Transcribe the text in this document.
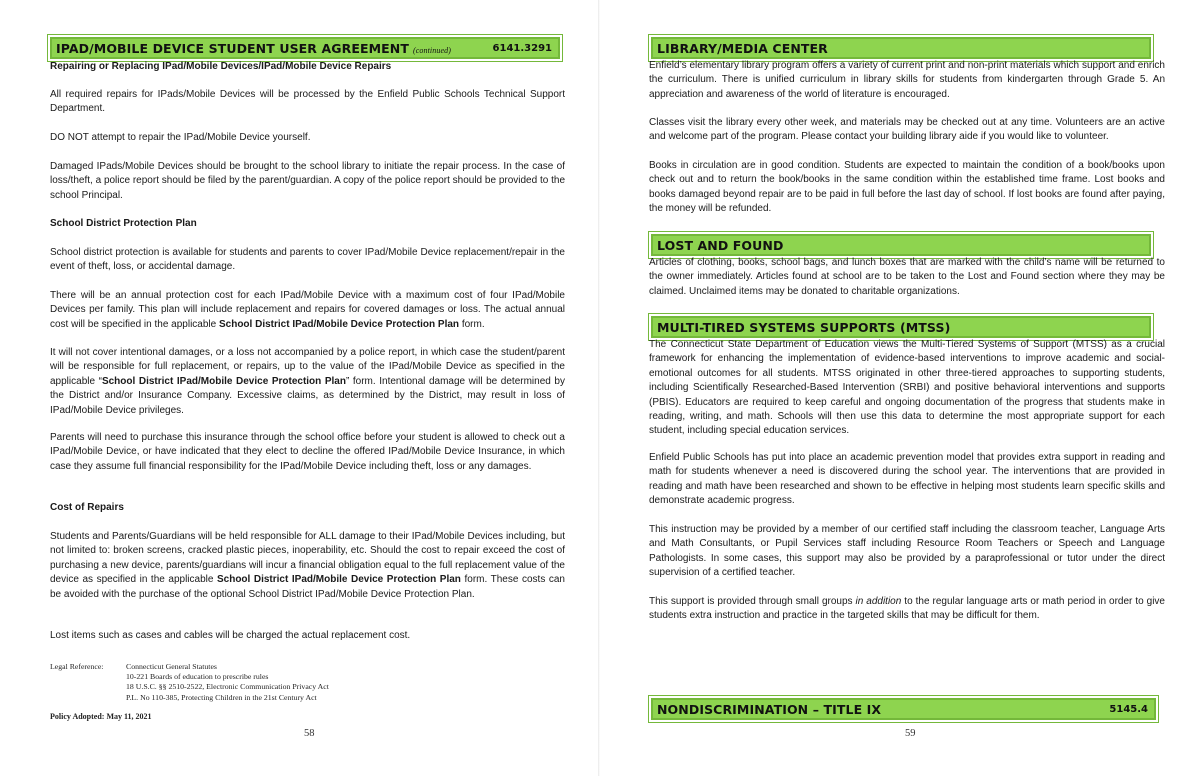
IPAD/MOBILE DEVICE STUDENT USER AGREEMENT (continued)	6141.3291
Repairing or Replacing IPad/Mobile Devices/IPad/Mobile Device Repairs
All required repairs for IPads/Mobile Devices will be processed by the Enfield Public Schools Technical Support Department.
DO NOT attempt to repair the IPad/Mobile Device yourself.
Damaged IPads/Mobile Devices should be brought to the school library to initiate the repair process. In the case of loss/theft, a police report should be filed by the parent/guardian. A copy of the police report should be provided to the school Principal.
School District Protection Plan
School district protection is available for students and parents to cover IPad/Mobile Device replacement/repair in the event of theft, loss, or accidental damage.
There will be an annual protection cost for each IPad/Mobile Device with a maximum cost of four IPad/Mobile Devices per family. This plan will include replacement and repairs for covered damages or loss. The actual annual cost will be specified in the applicable School District IPad/Mobile Device Protection Plan form.
It will not cover intentional damages, or a loss not accompanied by a police report, in which case the student/parent will be responsible for full replacement, or repairs, up to the value of the IPad/Mobile Device as specified in the applicable “School District IPad/Mobile Device Protection Plan” form. Intentional damage will be determined by the District and/or Insurance Company. Excessive claims, as determined by the District, may result in loss of IPad/Mobile Device privileges.
Parents will need to purchase this insurance through the school office before your student is allowed to check out a IPad/Mobile Device, or have indicated that they elect to decline the offered IPad/Mobile Device Insurance, in which case they assume full financial responsibility for the IPad/Mobile Device including theft, loss or any damages.
Cost of Repairs
Students and Parents/Guardians will be held responsible for ALL damage to their IPad/Mobile Devices including, but not limited to: broken screens, cracked plastic pieces, inoperability, etc. Should the cost to repair exceed the cost of purchasing a new device, parents/guardians will incur a financial obligation equal to the full replacement value of the device as specified in the applicable School District IPad/Mobile Device Protection Plan form. These costs can be avoided with the purchase of the optional School District IPad/Mobile Device Protection Plan.
Lost items such as cases and cables will be charged the actual replacement cost.
Legal Reference:	Connecticut General Statutes
10-221 Boards of education to prescribe rules
18 U.S.C. §§ 2510-2522, Electronic Communication Privacy Act
P.L. No 110-385, Protecting Children in the 21st Century Act
Policy Adopted: May 11, 2021
58
LIBRARY/MEDIA CENTER
Enfield’s elementary library program offers a variety of current print and non-print materials which support and enrich the curriculum. There is unified curriculum in library skills for students from kindergarten through Grade 5. An appreciation and awareness of the world of literature is encouraged.
Classes visit the library every other week, and materials may be checked out at any time. Volunteers are an active and welcome part of the program. Please contact your building library aide if you would like to volunteer.
Books in circulation are in good condition. Students are expected to maintain the condition of a book/books upon check out and to return the book/books in the same condition within the established time frame. Lost books and books damaged beyond repair are to be paid in full before the last day of school. If lost books are found after paying, the money will be refunded.
LOST AND FOUND
Articles of clothing, books, school bags, and lunch boxes that are marked with the child’s name will be returned to the owner immediately. Articles found at school are to be taken to the Lost and Found section where they may be claimed. Unclaimed items may be donated to charitable organizations.
MULTI-TIRED SYSTEMS SUPPORTS (MTSS)
The Connecticut State Department of Education views the Multi-Tiered Systems of Support (MTSS) as a crucial framework for enhancing the implementation of evidence-based interventions to improve academic and social-emotional outcomes for all students. MTSS originated in other three-tiered approaches to supporting students, including Scientifically Researched-Based Intervention (SRBI) and positive behavioral interventions and supports (PBIS). Educators are required to keep careful and ongoing documentation of the progress that students make in reading, writing, and math. Schools will then use this data to determine the most appropriate support for each student, including special education services.
Enfield Public Schools has put into place an academic prevention model that provides extra support in reading and math for students whenever a need is discovered during the school year. The interventions that are provided in reading and math have been researched and shown to be effective in helping most students learn specific skills and demonstrate academic progress.
This instruction may be provided by a member of our certified staff including the classroom teacher, Language Arts and Math Consultants, or Pupil Services staff including Resource Room Teachers or Speech and Language Pathologists. In some cases, this support may also be provided by a paraprofessional or tutor under the direct supervision of a certified teacher.
This support is provided through small groups in addition to the regular language arts or math period in order to give students extra instruction and practice in the targeted skills that may be difficult for them.
NONDISCRIMINATION – TITLE IX	5145.4
59
